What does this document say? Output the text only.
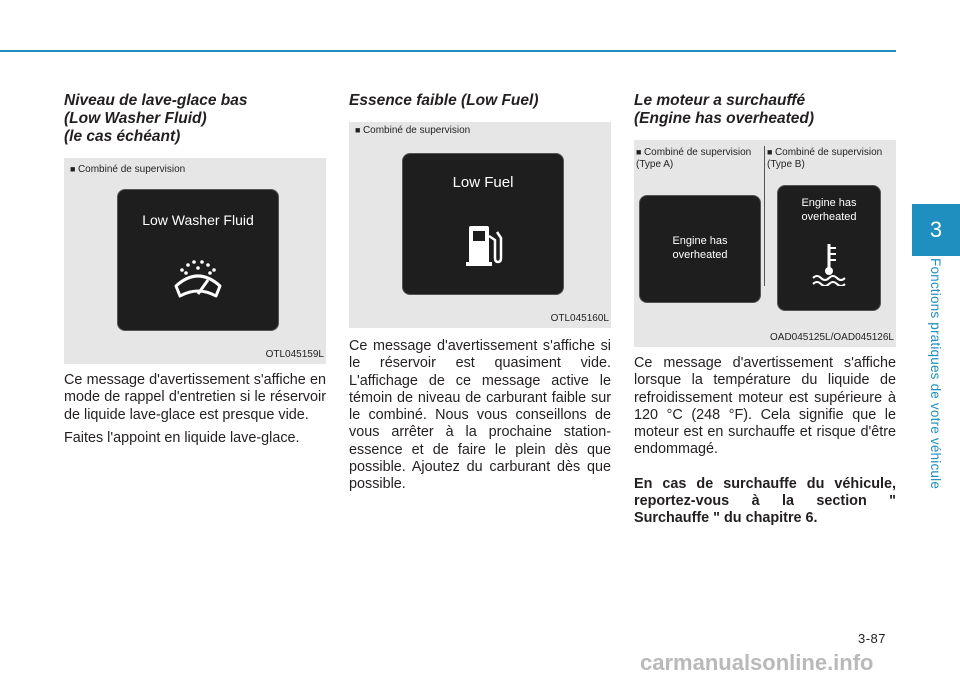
3
Fonctions pratiques de votre véhicule
Niveau de lave-glace bas
(Low Washer Fluid)
(le cas échéant)
■ Combiné de supervision
Low Washer Fluid
OTL045159L

Ce message d'avertissement s'affiche en mode de rappel d'entretien si le réservoir de liquide lave-glace est presque vide.

Faites l'appoint en liquide lave-glace.

Essence faible (Low Fuel)
■ Combiné de supervision
Low Fuel
OTL045160L

Ce message d'avertissement s'affiche si le réservoir est quasiment vide. L'affichage de ce message active le témoin de niveau de carburant faible sur le combiné. Nous vous conseillons de vous arrêter à la prochaine station-essence et de faire le plein dès que possible. Ajoutez du carburant dès que possible.

Le moteur a surchauffé
(Engine has overheated)
■ Combiné de supervision (Type A)
■ Combiné de supervision (Type B)
Engine has
overheated
Engine has
overheated
OAD045125L/OAD045126L

Ce message d'avertissement s'affiche lorsque la température du liquide de refroidissement moteur est supérieure à 120 °C (248 °F). Cela signifie que le moteur est en surchauffe et risque d'être endommagé.

En cas de surchauffe du véhicule, reportez-vous à la section " Surchauffe " du chapitre 6.

3-87
carmanualsonline.info
